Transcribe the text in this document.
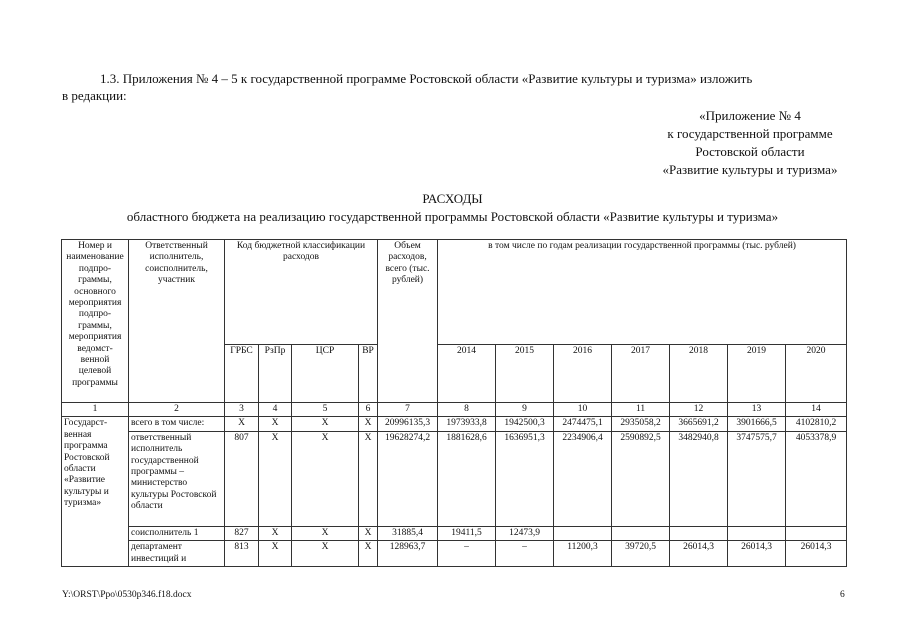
1.3. Приложения № 4 – 5 к государственной программе Ростовской области «Развитие культуры и туризма» изложить
в редакции:
«Приложение № 4
к государственной программе
Ростовской области
«Развитие культуры и туризма»
РАСХОДЫ
областного бюджета на реализацию государственной программы Ростовской области «Развитие культуры и туризма»
Номер и наименование подпро-граммы, основного мероприятия подпро-граммы, мероприятия ведомст-венной целевой программы	Ответственный исполнитель, соисполнитель, участник	Код бюджетной классификации расходов				Объем расходов, всего (тыс. рублей)	в том числе по годам реализации государственной программы (тыс. рублей)						
		ГРБС	РзПр	ЦСР	ВР		2014	2015	2016	2017	2018	2019	2020
1	2	3	4	5	6	7	8	9	10	11	12	13	14
Государст-венная программа Ростовской области «Развитие культуры и туризма»	всего в том числе:	Х	Х	Х	Х	20996135,3	1973933,8	1942500,3	2474475,1	2935058,2	3665691,2	3901666,5	4102810,2
	ответственный исполнитель государственной программы – министерство культуры Ростовской области	807	Х	Х	Х	19628274,2	1881628,6	1636951,3	2234906,4	2590892,5	3482940,8	3747575,7	4053378,9
	соисполнитель 1	827	Х	Х	Х	31885,4	19411,5	12473,9					
	департамент инвестиций и	813	Х	Х	Х	128963,7	–	–	11200,3	39720,5	26014,3	26014,3	26014,3
Y:\ORST\Ppo\0530p346.f18.docx	6
